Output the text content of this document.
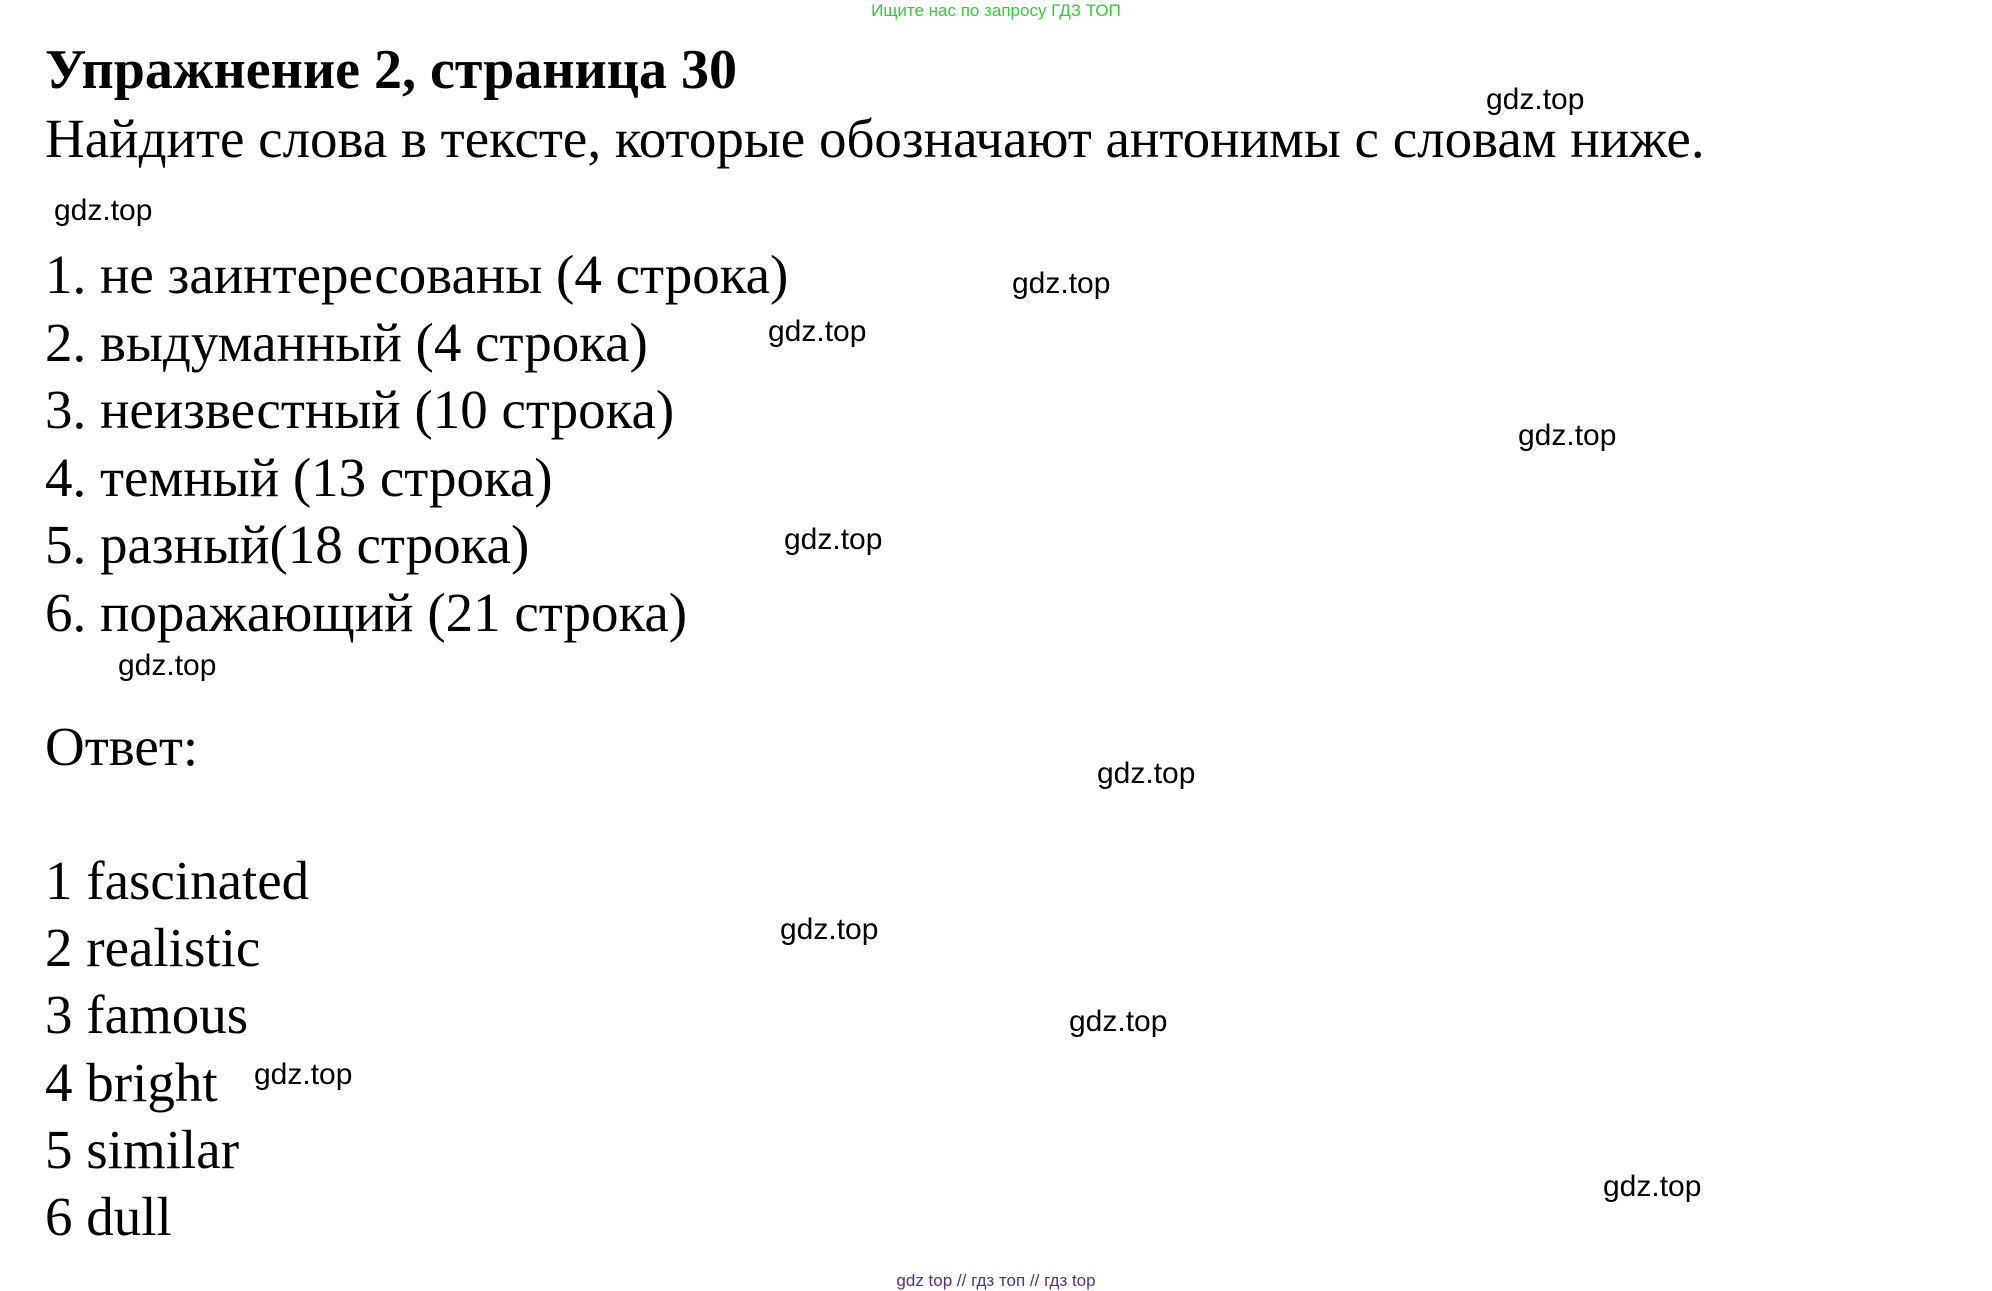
Ищите нас по запросу ГДЗ ТОП
Упражнение 2, страница 30

Найдите слова в тексте, которые обозначают антонимы с словам ниже.

1. не заинтересованы (4 строка)
2. выдуманный (4 строка)
3. неизвестный (10 строка)
4. темный (13 строка)
5. разный(18 строка)
6. поражающий (21 строка)

Ответ:

1 fascinated
2 realistic
3 famous
4 bright
5 similar
6 dull
gdz.top
gdz.top
gdz.top
gdz.top
gdz.top
gdz.top
gdz.top
gdz.top
gdz.top
gdz.top
gdz.top
gdz.top
gdz top // гдз топ // гдз top
